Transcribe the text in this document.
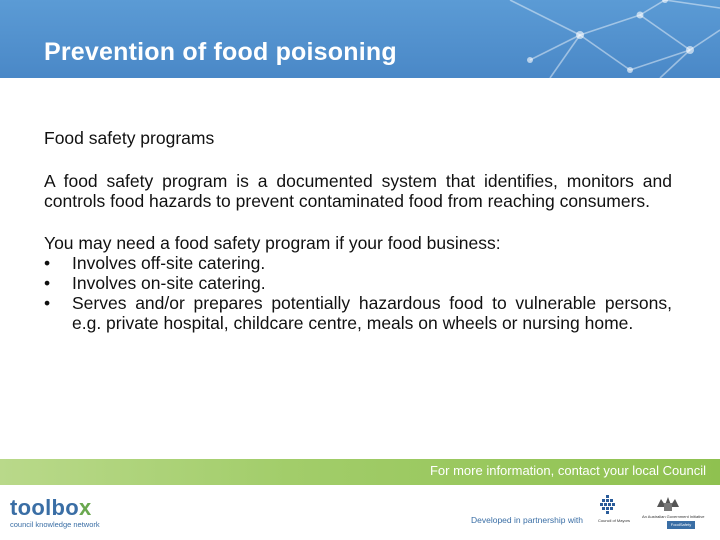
Prevention of food poisoning
Food safety programs
A food safety program is a documented system that identifies, monitors and controls food hazards to prevent contaminated food from reaching consumers.
You may need a food safety program if your food business:
• Involves off-site catering.
• Involves on-site catering.
• Serves and/or prepares potentially hazardous food to vulnerable persons, e.g. private hospital, childcare centre, meals on wheels or nursing home.
For more information, contact your local Council
toolbox
council knowledge network	Developed in partnership with	Council of Mayors
An Australian Government Initiative
FoodSafety
